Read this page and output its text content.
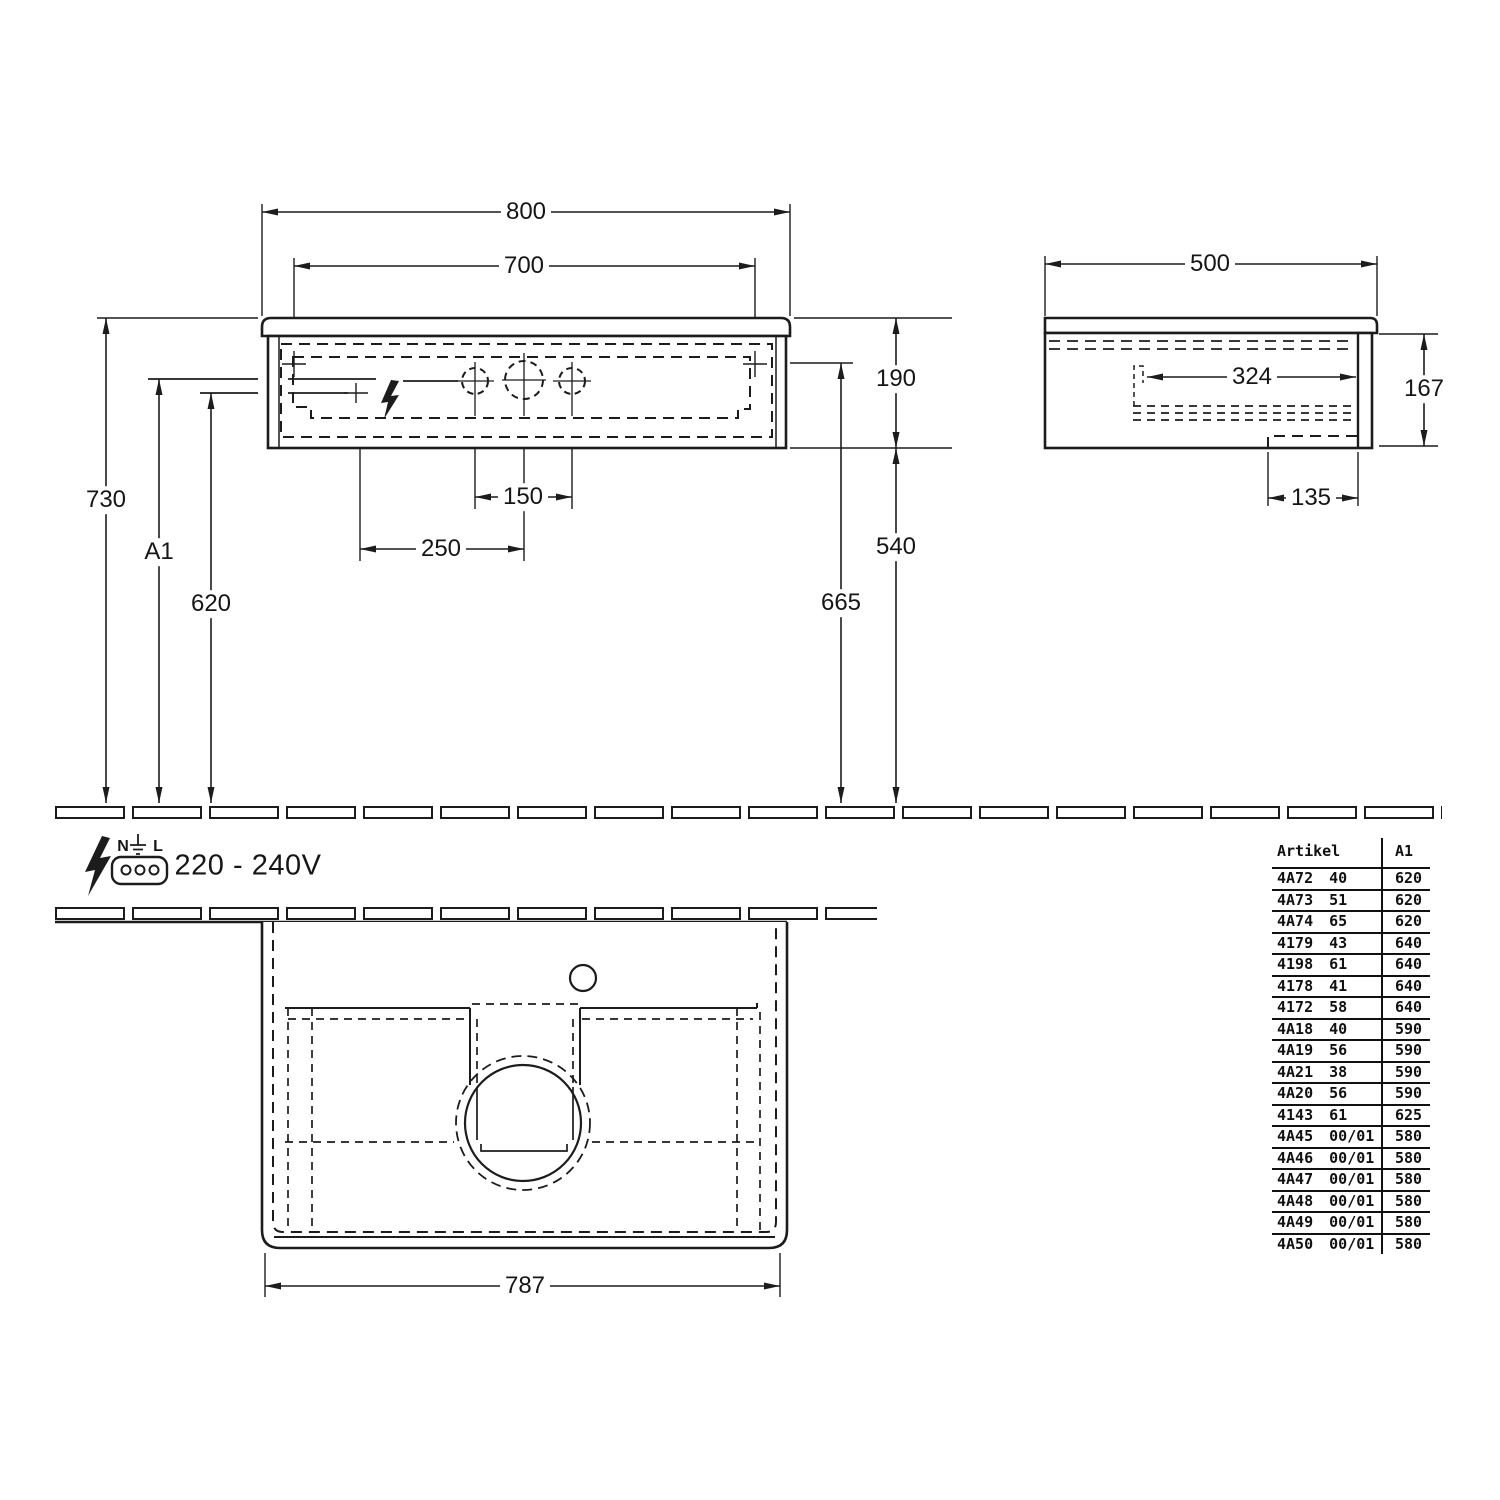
800
700
730
A1
620
190
540
665
150
250
500
324	167
135
787
N L
220 - 240V	Artikel	A1
4A72 40	620
4A73 51	620
4A74 65	620
4179 43	640
4198 61	640
4178 41	640
4172 58	640
4A18 40	590
4A19 56	590
4A21 38	590
4A20 56	590
4143 61	625
4A45 00/01	580
4A46 00/01	580
4A47 00/01	580
4A48 00/01	580
4A49 00/01	580
4A50 00/01	580
